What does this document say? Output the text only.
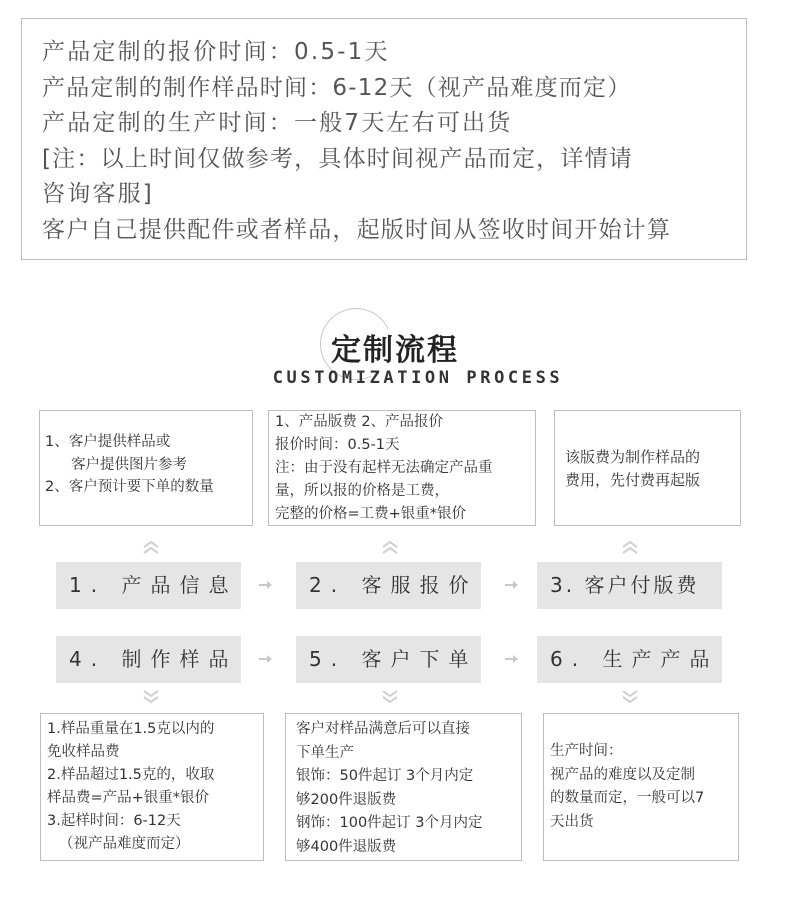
产品定制的报价时间：0.5-1天
产品定制的制作样品时间：6-12天（视产品难度而定）
产品定制的生产时间：一般7天左右可出货
[注：以上时间仅做参考，具体时间视产品而定，详情请
咨询客服]
客户自己提供配件或者样品，起版时间从签收时间开始计算
定制流程
CUSTOMIZATION PROCESS
1、客户提供样品或
客户提供图片参考
2、客户预计要下单的数量
1、产品版费 2、产品报价
报价时间：0.5-1天
注：由于没有起样无法确定产品重
量，所以报的价格是工费，
完整的价格=工费+银重*银价
该版费为制作样品的
费用，先付费再起版
1. 产品信息	2. 客服报价	3. 客户付版费
4. 制作样品	5. 客户下单	6. 生产产品
1.样品重量在1.5克以内的
免收样品费
2.样品超过1.5克的，收取
样品费=产品+银重*银价
3.起样时间：6-12天
（视产品难度而定）
客户对样品满意后可以直接
下单生产
银饰：50件起订 3个月内定
够200件退版费
钢饰：100件起订 3个月内定
够400件退版费
生产时间：
视产品的难度以及定制
的数量而定，一般可以7
天出货
